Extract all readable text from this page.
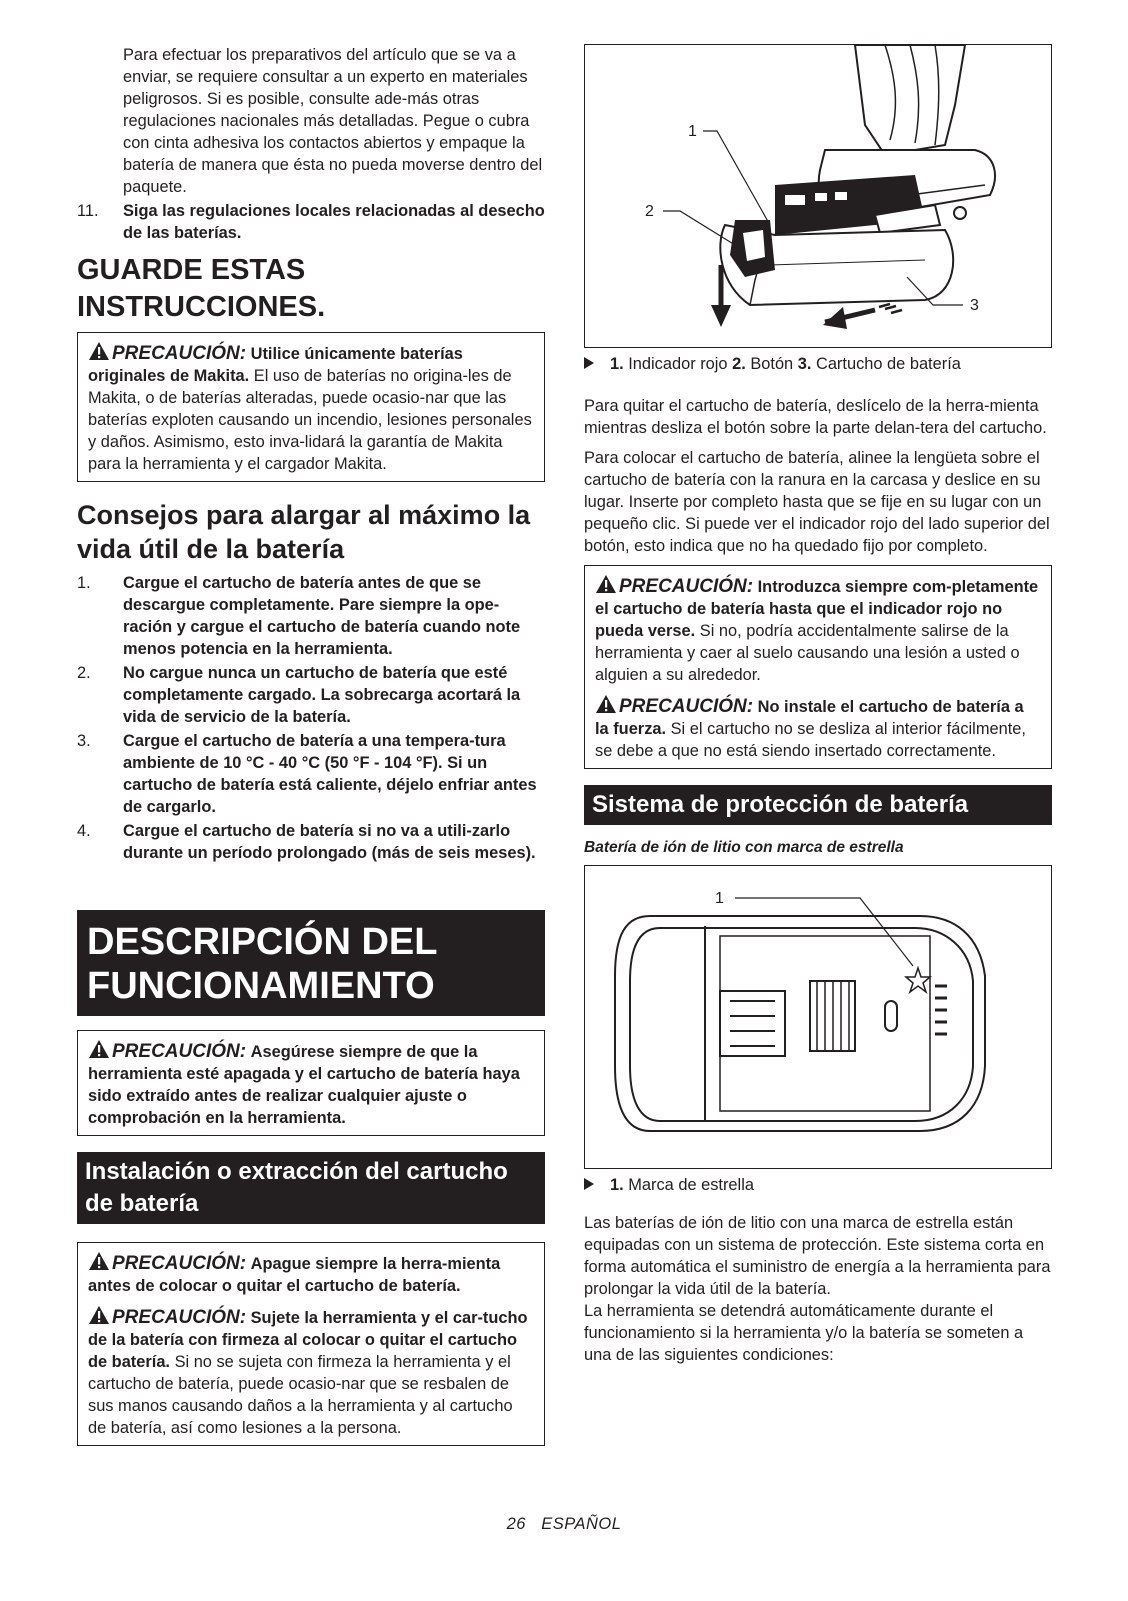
Para efectuar los preparativos del artículo que se va a enviar, se requiere consultar a un experto en materiales peligrosos. Si es posible, consulte ade-más otras regulaciones nacionales más detalladas. Pegue o cubra con cinta adhesiva los contactos abiertos y empaque la batería de manera que ésta no pueda moverse dentro del paquete.

11. Siga las regulaciones locales relacionadas al desecho de las baterías.
GUARDE ESTAS INSTRUCCIONES.

PRECAUCIÓN: Utilice únicamente baterías originales de Makita. El uso de baterías no origina-les de Makita, o de baterías alteradas, puede ocasio-nar que las baterías exploten causando un incendio, lesiones personales y daños. Asimismo, esto inva-lidará la garantía de Makita para la herramienta y el cargador Makita.

Consejos para alargar al máximo la vida útil de la batería
1. Cargue el cartucho de batería antes de que se descargue completamente. Pare siempre la ope-ración y cargue el cartucho de batería cuando note menos potencia en la herramienta.
2. No cargue nunca un cartucho de batería que esté completamente cargado. La sobrecarga acortará la vida de servicio de la batería.
3. Cargue el cartucho de batería a una tempera-tura ambiente de 10 °C - 40 °C (50 °F - 104 °F). Si un cartucho de batería está caliente, déjelo enfriar antes de cargarlo.
4. Cargue el cartucho de batería si no va a utili-zarlo durante un período prolongado (más de seis meses).
DESCRIPCIÓN DEL FUNCIONAMIENTO

PRECAUCIÓN: Asegúrese siempre de que la herramienta esté apagada y el cartucho de batería haya sido extraído antes de realizar cualquier ajuste o comprobación en la herramienta.

Instalación o extracción del cartucho de batería

PRECAUCIÓN: Apague siempre la herra-mienta antes de colocar o quitar el cartucho de batería.

PRECAUCIÓN: Sujete la herramienta y el car-tucho de la batería con firmeza al colocar o quitar el cartucho de batería. Si no se sujeta con firmeza la herramienta y el cartucho de batería, puede ocasio-nar que se resbalen de sus manos causando daños a la herramienta y al cartucho de batería, así como lesiones a la persona.

1
2
3

1. Indicador rojo 2. Botón 3. Cartucho de batería

Para quitar el cartucho de batería, deslícelo de la herra-mienta mientras desliza el botón sobre la parte delan-tera del cartucho.

Para colocar el cartucho de batería, alinee la lengüeta sobre el cartucho de batería con la ranura en la carcasa y deslice en su lugar. Inserte por completo hasta que se fije en su lugar con un pequeño clic. Si puede ver el indicador rojo del lado superior del botón, esto indica que no ha quedado fijo por completo.

PRECAUCIÓN: Introduzca siempre com-pletamente el cartucho de batería hasta que el indicador rojo no pueda verse. Si no, podría accidentalmente salirse de la herramienta y caer al suelo causando una lesión a usted o alguien a su alrededor.

PRECAUCIÓN: No instale el cartucho de batería a la fuerza. Si el cartucho no se desliza al interior fácilmente, se debe a que no está siendo insertado correctamente.

Sistema de protección de batería

Batería de ión de litio con marca de estrella

1

1. Marca de estrella

Las baterías de ión de litio con una marca de estrella están equipadas con un sistema de protección. Este sistema corta en forma automática el suministro de energía a la herramienta para prolongar la vida útil de la batería.

La herramienta se detendrá automáticamente durante el funcionamiento si la herramienta y/o la batería se someten a una de las siguientes condiciones:

26 ESPAÑOL
